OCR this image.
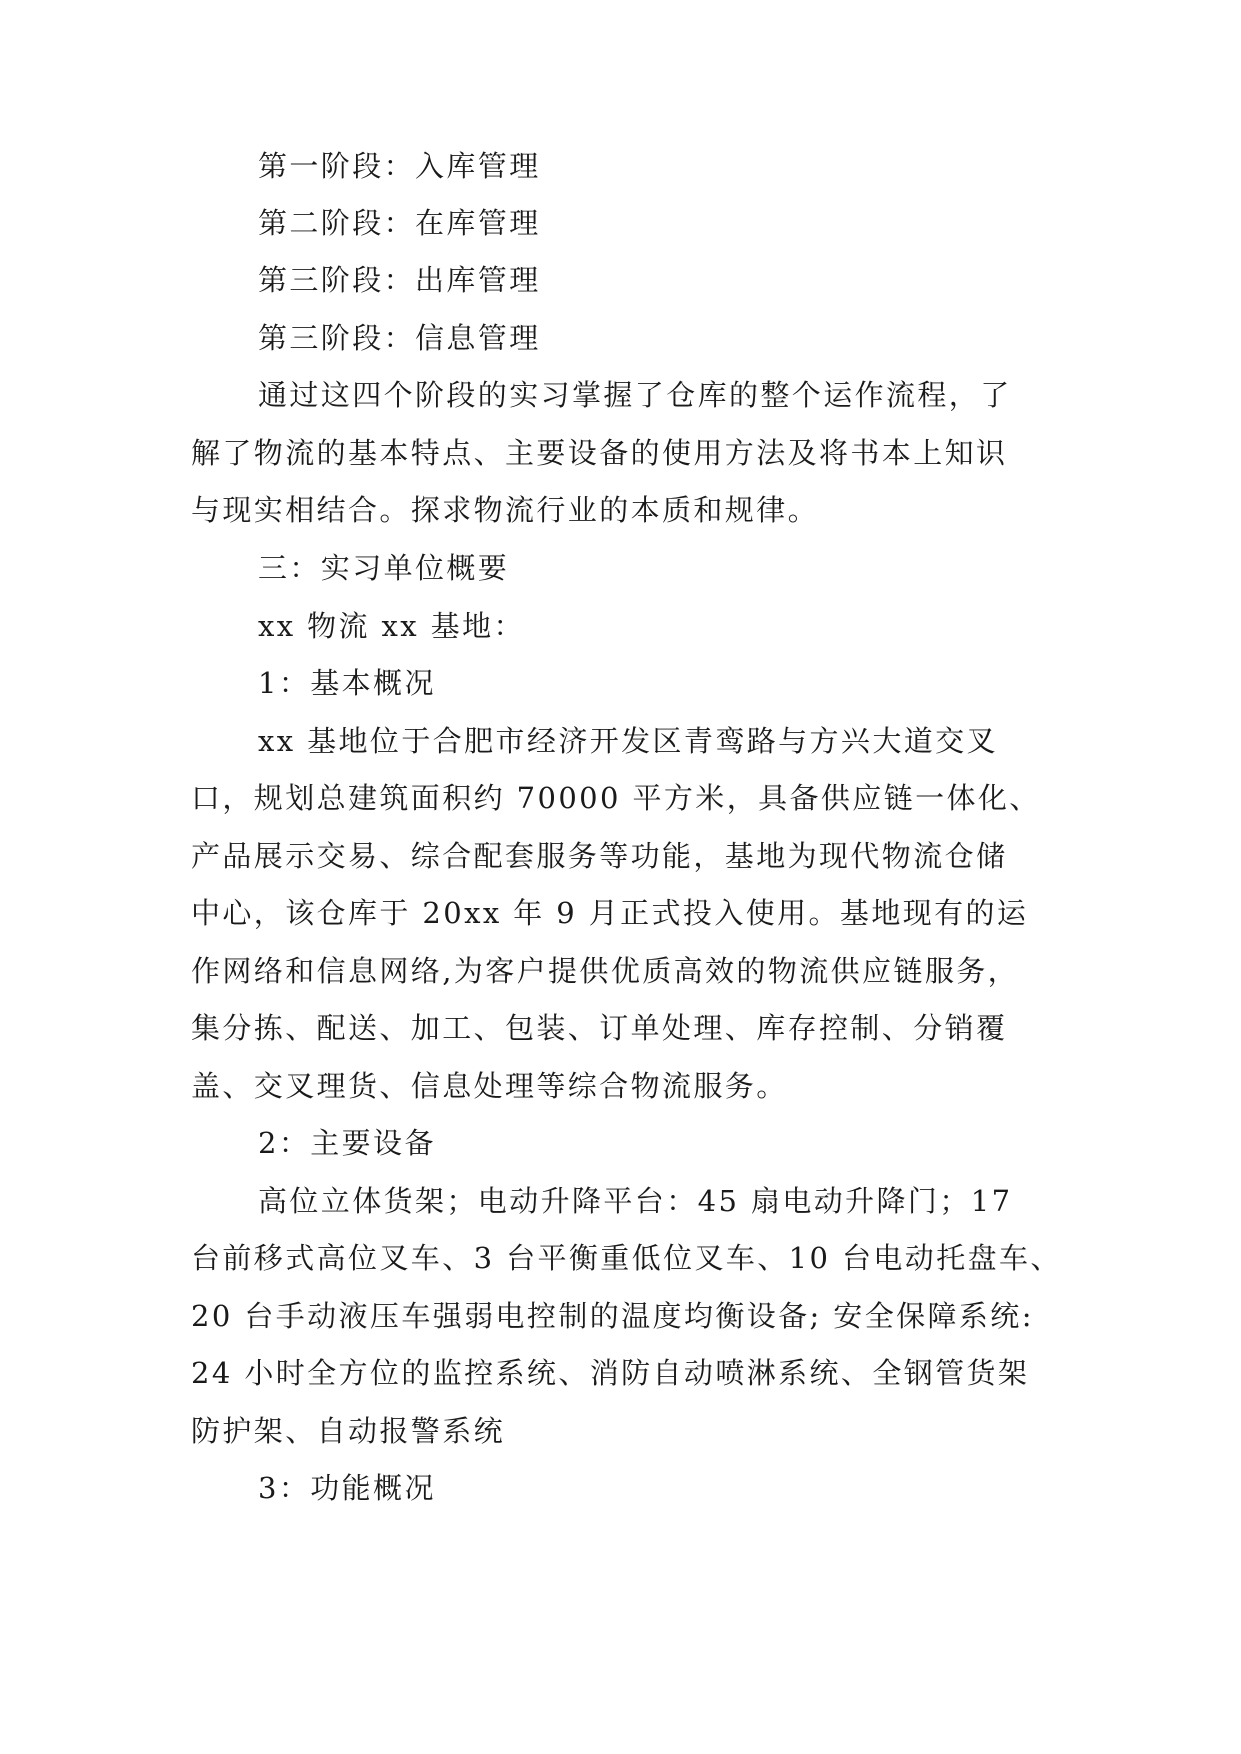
第一阶段：入库管理
第二阶段：在库管理
第三阶段：出库管理
第三阶段：信息管理
通过这四个阶段的实习掌握了仓库的整个运作流程，了
解了物流的基本特点、主要设备的使用方法及将书本上知识
与现实相结合。探求物流行业的本质和规律。
三：实习单位概要
xx 物流 xx 基地：
1：基本概况
xx 基地位于合肥市经济开发区青鸾路与方兴大道交叉
口，规划总建筑面积约 70000 平方米，具备供应链一体化、
产品展示交易、综合配套服务等功能，基地为现代物流仓储
中心，该仓库于 20xx 年 9 月正式投入使用。基地现有的运
作网络和信息网络,为客户提供优质高效的物流供应链服务，
集分拣、配送、加工、包装、订单处理、库存控制、分销覆
盖、交叉理货、信息处理等综合物流服务。
2：主要设备
高位立体货架；电动升降平台：45 扇电动升降门；17
台前移式高位叉车、3 台平衡重低位叉车、10 台电动托盘车、
20 台手动液压车强弱电控制的温度均衡设备; 安全保障系统:
24 小时全方位的监控系统、消防自动喷淋系统、全钢管货架
防护架、自动报警系统
3：功能概况
